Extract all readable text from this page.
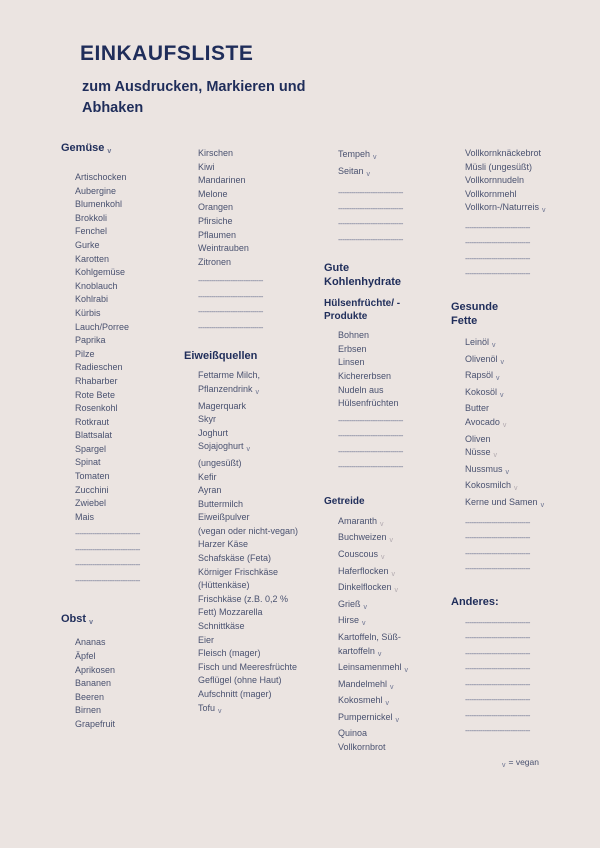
EINKAUFSLISTE
zum Ausdrucken, Markieren und Abhaken
Gemüse v
Artischocken
Aubergine
Blumenkohl
Brokkoli
Fenchel
Gurke
Karotten
Kohlgemüse
Knoblauch
Kohlrabi
Kürbis
Lauch/Porree
Paprika
Pilze
Radieschen
Rhabarber
Rote Bete
Rosenkohl
Rotkraut
Blattsalat
Spargel
Spinat
Tomaten
Zucchini
Zwiebel
Mais
------------------------------
------------------------------
------------------------------
------------------------------
Obst v
Ananas
Äpfel
Aprikosen
Bananen
Beeren
Birnen
Grapefruit
Kirschen
Kiwi
Mandarinen
Melone
Orangen
Pfirsiche
Pflaumen
Weintrauben
Zitronen
------------------------------
------------------------------
------------------------------
------------------------------
Eiweißquellen
Fettarme Milch,
Pflanzendrink $_v$
Magerquark
Skyr
Joghurt
Sojajoghurt $_v$
(ungesüßt)
Kefir
Ayran
Buttermilch
Eiweißpulver
(vegan oder nicht-vegan)
Harzer Käse
Schafskäse (Feta)
Körniger Frischkäse
(Hüttenkäse)
Frischkäse (z.B. 0,2 %
Fett) Mozzarella
Schnittkäse
Eier
Fleisch (mager)
Fisch und Meeresfrüchte
Geflügel (ohne Haut)
Aufschnitt (mager)
Tofu $_v$
Tempeh $_v$
Seitan $_v$
------------------------------
------------------------------
------------------------------
------------------------------
Gute Kohlenhydrate
Hülsenfrüchte/ -Produkte
Bohnen
Erbsen
Linsen
Kichererbsen
Nudeln aus
Hülsenfrüchten
------------------------------
------------------------------
------------------------------
------------------------------
Getreide
Amaranth $_v$
Buchweizen $_v$
Couscous $_v$
Haferflocken $_v$
Dinkelflocken $_v$
Grieß $_v$
Hirse $_v$
Kartoffeln, Süß-
kartoffeln $_v$
Leinsamenmehl $_v$
Mandelmehl $_v$
Kokosmehl $_v$
Pumpernickel $_v$
Quinoa
Vollkornbrot
Vollkornknäckebrot
Müsli (ungesüßt)
Vollkornnudeln
Vollkornmehl
Vollkorn-/Naturreis $_v$
------------------------------
------------------------------
------------------------------
------------------------------
Gesunde Fette
Leinöl $_v$
Olivenöl $_v$
Rapsöl $_v$
Kokosöl $_v$
Butter
Avocado $_v$
Oliven
Nüsse $_v$
Nussmus $_v$
Kokosmilch $_v$
Kerne und Samen $_v$
------------------------------
------------------------------
------------------------------
------------------------------
Anderes:
------------------------------
------------------------------
------------------------------
------------------------------
------------------------------
------------------------------
------------------------------
------------------------------
$_v$ = vegan
